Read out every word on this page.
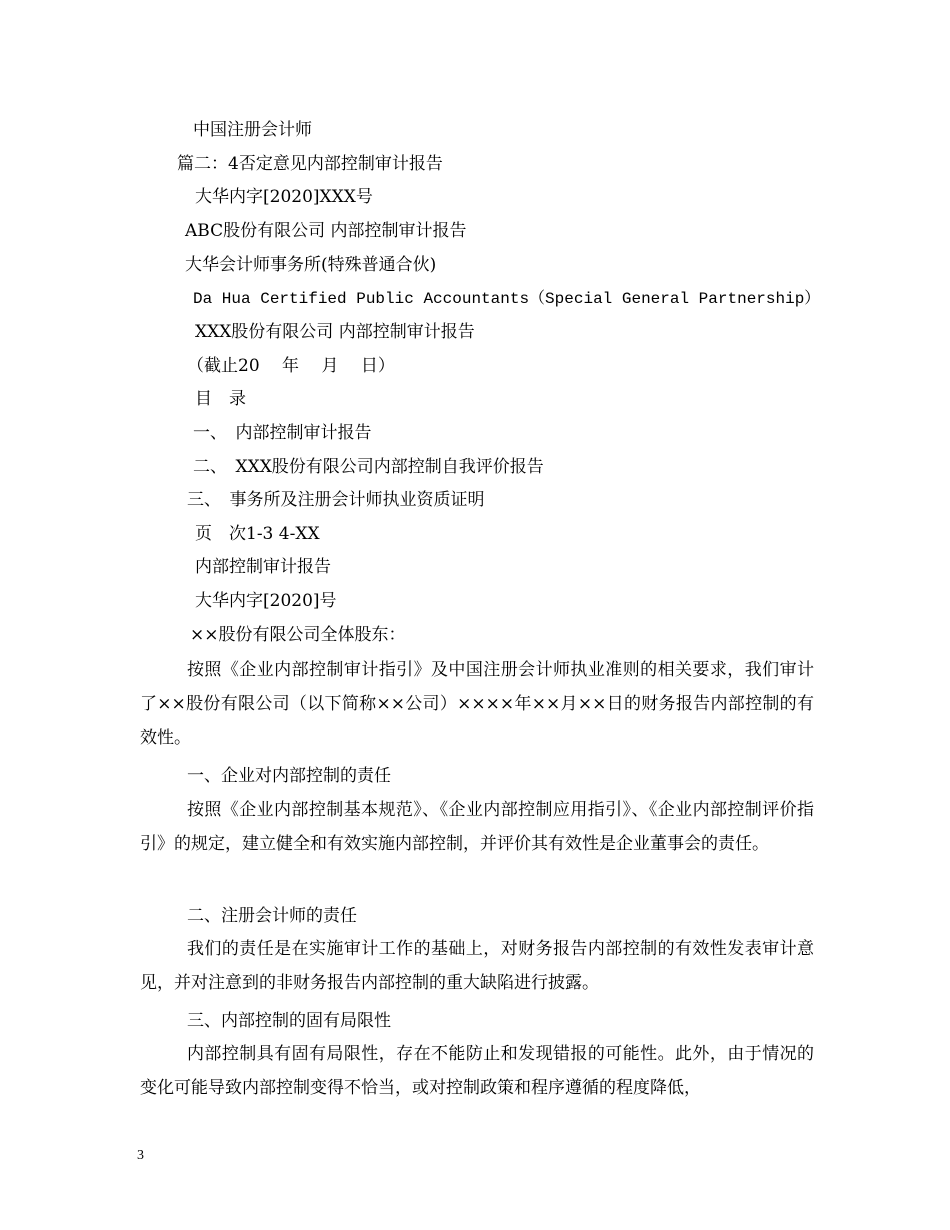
中国注册会计师
篇二：4否定意见内部控制审计报告
大华内字[2020]XXX号
ABC股份有限公司 内部控制审计报告
大华会计师事务所(特殊普通合伙)
Da Hua Certified Public Accountants（Special General Partnership）
XXX股份有限公司 内部控制审计报告
（截止20　 年　 月　 日）
目　录
一、　内部控制审计报告
二、　XXX股份有限公司内部控制自我评价报告
三、　事务所及注册会计师执业资质证明
页　次1-3 4-XX
内部控制审计报告
大华内字[2020]号
××股份有限公司全体股东：
按照《企业内部控制审计指引》及中国注册会计师执业准则的相关要求，我们审计了××股份有限公司（以下简称××公司）××××年××月××日的财务报告内部控制的有效性。
一、企业对内部控制的责任
按照《企业内部控制基本规范》、《企业内部控制应用指引》、《企业内部控制评价指引》的规定，建立健全和有效实施内部控制，并评价其有效性是企业董事会的责任。
二、注册会计师的责任
我们的责任是在实施审计工作的基础上，对财务报告内部控制的有效性发表审计意见，并对注意到的非财务报告内部控制的重大缺陷进行披露。
三、内部控制的固有局限性
内部控制具有固有局限性，存在不能防止和发现错报的可能性。此外，由于情况的变化可能导致内部控制变得不恰当，或对控制政策和程序遵循的程度降低，
3
